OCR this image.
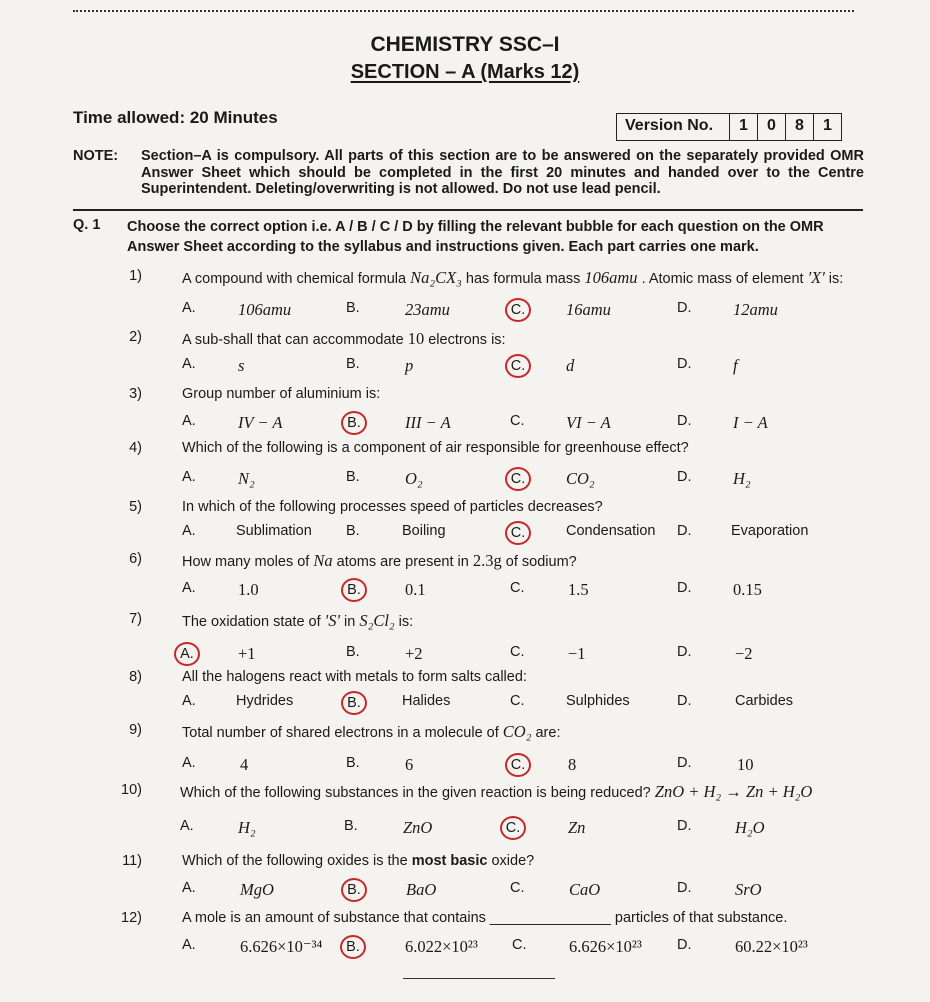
CHEMISTRY SSC–I
SECTION – A (Marks 12)
Time allowed: 20 Minutes	Version No.	1	0	8	1
NOTE: Section–A is compulsory. All parts of this section are to be answered on the separately provided OMR Answer Sheet which should be completed in the first 20 minutes and handed over to the Centre Superintendent. Deleting/overwriting is not allowed. Do not use lead pencil.
Q. 1 Choose the correct option i.e. A / B / C / D by filling the relevant bubble for each question on the OMR Answer Sheet according to the syllabus and instructions given. Each part carries one mark.
1)	A compound with chemical formula Na₂CX₃ has formula mass 106amu . Atomic mass of element 'X' is:
A.	106amu	B.	23amu	C.	16amu	D.	12amu
2)	A sub-shall that can accommodate 10 electrons is:
A.	s	B.	p	C.	d	D.	f
3)	Group number of aluminium is:
A.	IV − A	B.	III − A	C.	VI − A	D.	I − A
4)	Which of the following is a component of air responsible for greenhouse effect?
A.	N₂	B.	O₂	C.	CO₂	D.	H₂
5)	In which of the following processes speed of particles decreases?
A.	Sublimation B.	Boiling	C.	Condensation D.	Evaporation
6)	How many moles of Na atoms are present in 2.3g of sodium?
A.	1.0	B.	0.1	C.	1.5	D.	0.15
7)	The oxidation state of 'S' in S₂Cl₂ is:
A.	+1	B.	+2	C.	−1	D.	−2
8)	All the halogens react with metals to form salts called:
A.	Hydrides	B.	Halides	C.	Sulphides	D.	Carbides
9)	Total number of shared electrons in a molecule of CO₂ are:
A.	4	B.	6	C.	8	D.	10
10)	Which of the following substances in the given reaction is being reduced? ZnO + H₂ → Zn + H₂O
A.	H₂	B.	ZnO	C.	Zn	D.	H₂O
11)	Which of the following oxides is the most basic oxide?
A.	MgO	B.	BaO	C.	CaO	D.	SrO
12)	A mole is an amount of substance that contains _______________ particles of that substance.
A.	6.626×10⁻³⁴	B.	6.022×10²³ C.	6.626×10²³ D.	60.22×10²³
